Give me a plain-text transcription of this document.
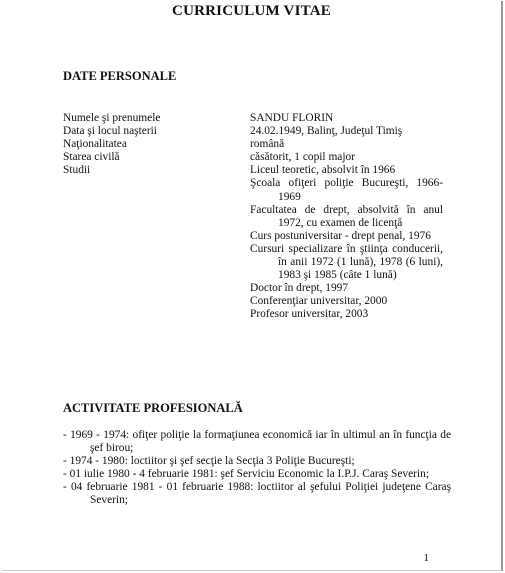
CURRICULUM VITAE
DATE PERSONALE
Numele şi prenumele
Data şi locul naşterii
Naţionalitatea
Starea civilă
Studii
SANDU FLORIN
24.02.1949, Balinţ, Judeţul Timiş
română
căsătorit, 1 copil major
Liceul teoretic, absolvit în 1966
Şcoala ofiţeri poliţie Bucureşti, 1966-1969
Facultatea de drept, absolvită în anul 1972, cu examen de licenţă
Curs postuniversitar - drept penal, 1976
Cursuri specializare în ştiinţa conducerii, în anii 1972 (1 lună), 1978 (6 luni), 1983 şi 1985 (câte 1 lună)
Doctor în drept, 1997
Conferenţiar universitar, 2000
Profesor universitar, 2003
ACTIVITATE PROFESIONALĂ
- 1969 - 1974: ofiţer poliţie la formaţiunea economică iar în ultimul an în funcţia de şef birou;
- 1974 - 1980: loctiitor şi şef secţie la Secţia 3 Poliţie Bucureşti;
- 01 iulie 1980 - 4 februarie 1981: şef Serviciu Economic la I.P.J. Caraş Severin;
- 04 februarie 1981 - 01 februarie 1988: loctiitor al şefului Poliţiei judeţene Caraş Severin;
1
